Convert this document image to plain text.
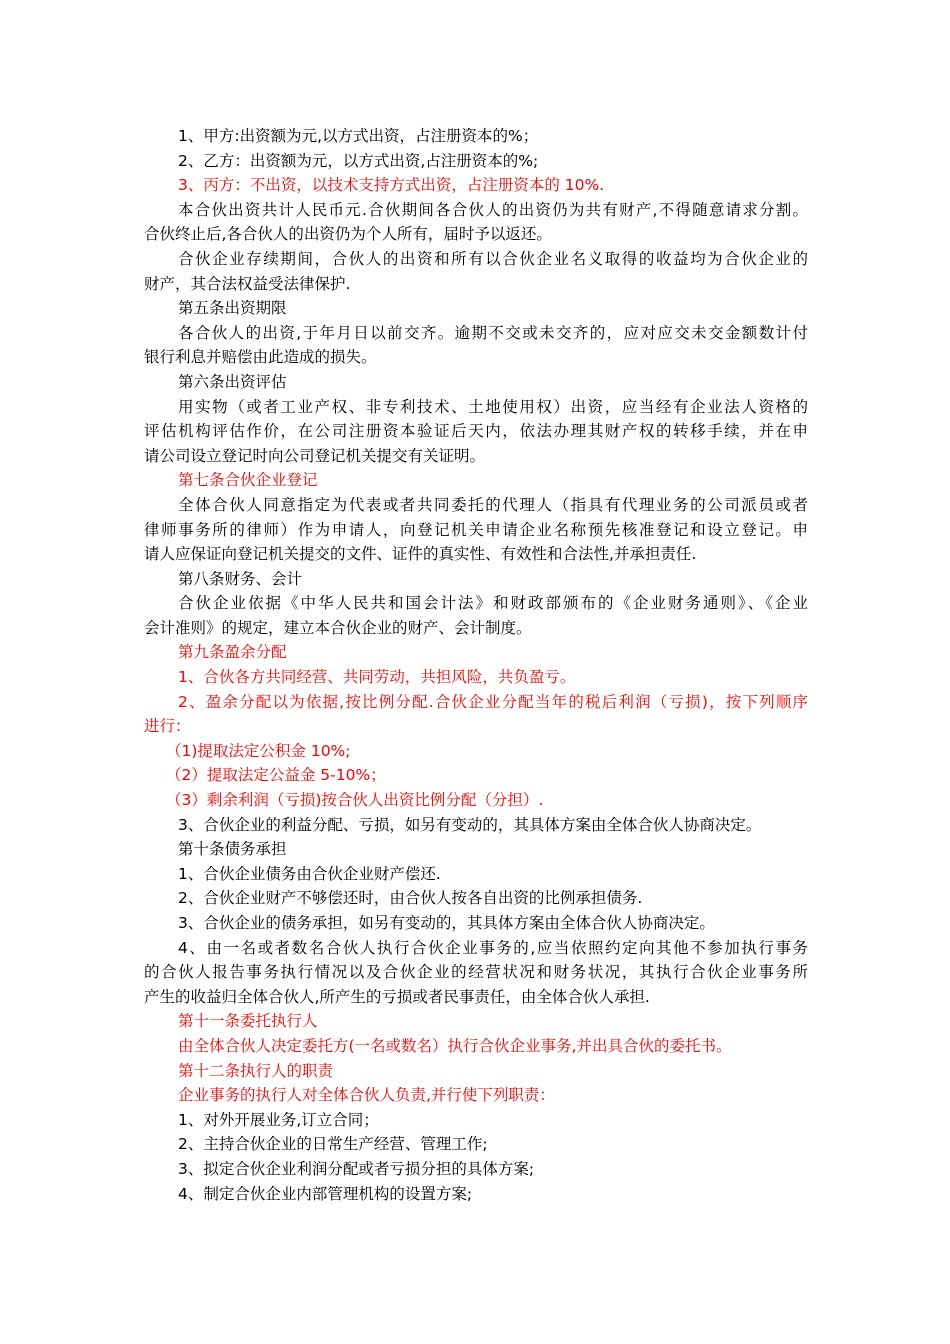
1、甲方:出资额为元,以方式出资，占注册资本的%；
2、乙方：出资额为元，以方式出资,占注册资本的%;
3、丙方：不出资，以技术支持方式出资，占注册资本的 10%.
本合伙出资共计人民币元.合伙期间各合伙人的出资仍为共有财产,不得随意请求分割。
合伙终止后,各合伙人的出资仍为个人所有，届时予以返还。
合伙企业存续期间，合伙人的出资和所有以合伙企业名义取得的收益均为合伙企业的
财产，其合法权益受法律保护.
第五条出资期限
各合伙人的出资,于年月日以前交齐。逾期不交或未交齐的，应对应交未交金额数计付
银行利息并赔偿由此造成的损失。
第六条出资评估
用实物（或者工业产权、非专利技术、土地使用权）出资，应当经有企业法人资格的
评估机构评估作价，在公司注册资本验证后天内，依法办理其财产权的转移手续，并在申
请公司设立登记时向公司登记机关提交有关证明。
第七条合伙企业登记
全体合伙人同意指定为代表或者共同委托的代理人（指具有代理业务的公司派员或者
律师事务所的律师）作为申请人，向登记机关申请企业名称预先核准登记和设立登记。申
请人应保证向登记机关提交的文件、证件的真实性、有效性和合法性,并承担责任.
第八条财务、会计
合伙企业依据《中华人民共和国会计法》和财政部颁布的《企业财务通则》、《企业
会计准则》的规定，建立本合伙企业的财产、会计制度。
第九条盈余分配
1、合伙各方共同经营、共同劳动，共担风险，共负盈亏。
2、盈余分配以为依据,按比例分配.合伙企业分配当年的税后利润（亏损)，按下列顺序
进行：
（1)提取法定公积金 10%;
（2）提取法定公益金 5-10%；
（3）剩余利润（亏损)按合伙人出资比例分配（分担）.
3、合伙企业的利益分配、亏损，如另有变动的，其具体方案由全体合伙人协商决定。
第十条债务承担
1、合伙企业债务由合伙企业财产偿还.
2、合伙企业财产不够偿还时，由合伙人按各自出资的比例承担债务.
3、合伙企业的债务承担，如另有变动的，其具体方案由全体合伙人协商决定。
4、由一名或者数名合伙人执行合伙企业事务的,应当依照约定向其他不参加执行事务
的合伙人报告事务执行情况以及合伙企业的经营状况和财务状况，其执行合伙企业事务所
产生的收益归全体合伙人,所产生的亏损或者民事责任，由全体合伙人承担.
第十一条委托执行人
由全体合伙人决定委托方(一名或数名）执行合伙企业事务,并出具合伙的委托书。
第十二条执行人的职责
企业事务的执行人对全体合伙人负责,并行使下列职责：
1、对外开展业务,订立合同；
2、主持合伙企业的日常生产经营、管理工作;
3、拟定合伙企业利润分配或者亏损分担的具体方案;
4、制定合伙企业内部管理机构的设置方案;
